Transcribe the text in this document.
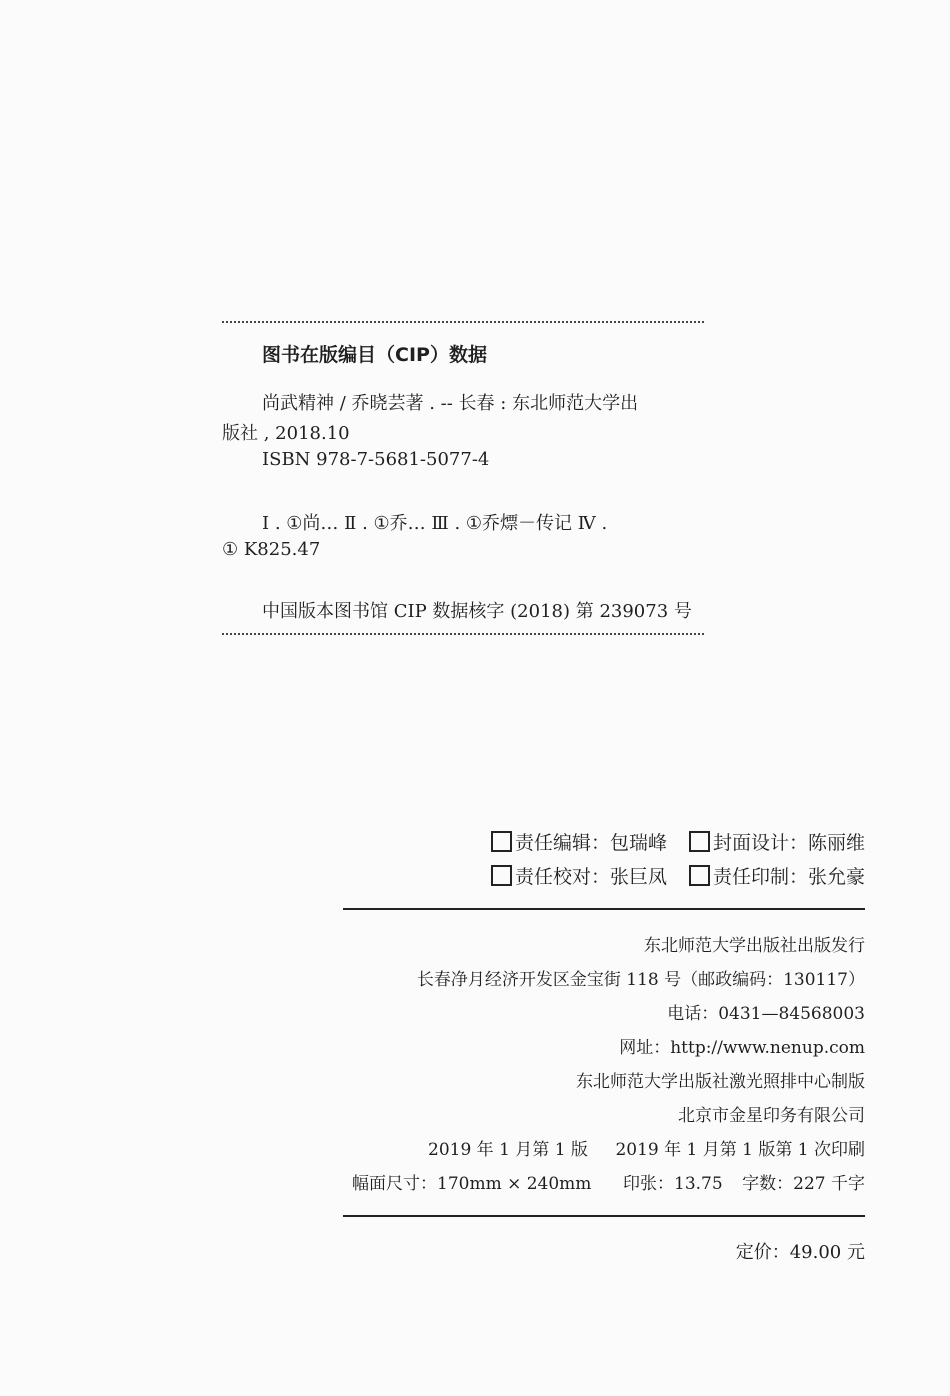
图书在版编目（CIP）数据
尚武精神 / 乔晓芸著 . -- 长春 : 东北师范大学出
版社 , 2018.10
ISBN 978-7-5681-5077-4
Ⅰ . ①尚… Ⅱ . ①乔… Ⅲ . ①乔熛－传记 Ⅳ .
① K825.47
中国版本图书馆 CIP 数据核字 (2018) 第 239073 号
责任编辑：包瑞峰 封面设计：陈丽维
责任校对：张巨凤 责任印制：张允豪
东北师范大学出版社出版发行
长春净月经济开发区金宝街 118 号（邮政编码：130117）
电话：0431—84568003
网址：http://www.nenup.com
东北师范大学出版社激光照排中心制版
北京市金星印务有限公司
2019 年 1 月第 1 版 2019 年 1 月第 1 版第 1 次印刷
幅面尺寸：170mm × 240mm 印张：13.75 字数：227 千字
定价：49.00 元
